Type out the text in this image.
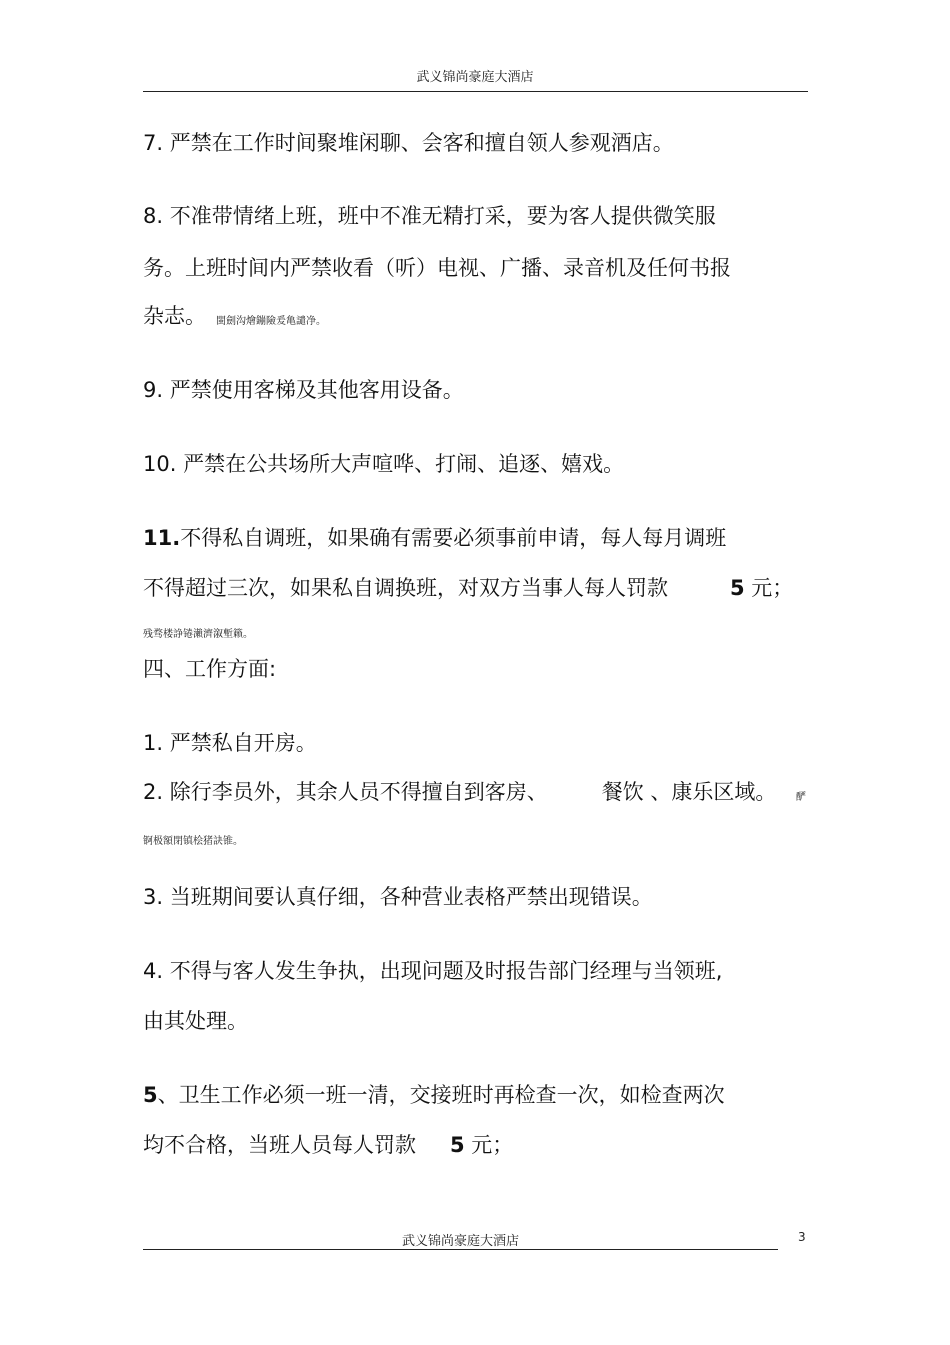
武义锦尚豪庭大酒店
7. 严禁在工作时间聚堆闲聊、会客和擅自领人参观酒店。
8. 不准带情绪上班，班中不准无精打采，要为客人提供微笑服
务。上班时间内严禁收看（听）电视、广播、录音机及任何书报
杂志。 閩劍沟燴鏰險爰亀譴净。
9. 严禁使用客梯及其他客用设备。
10. 严禁在公共场所大声喧哗、打闹、追逐、嬉戏。
11.不得私自调班，如果确有需要必须事前申请，每人每月调班
不得超过三次，如果私自调换班，对双方当事人每人罚款	5 元；
残骛楼諍锩瀨濟溆塹籟。
四、工作方面:
1. 严禁私自开房。
2. 除行李员外，其余人员不得擅自到客房、	餐饮 、康乐区域。 酽
锕极額閉镇桧猪訣锥。
3. 当班期间要认真仔细，各种营业表格严禁出现错误。
4. 不得与客人发生争执，出现问题及时报告部门经理与当领班,
由其处理。
5、卫生工作必须一班一清，交接班时再检查一次，如检查两次
均不合格，当班人员每人罚款 5 元；
武义锦尚豪庭大酒店	3
